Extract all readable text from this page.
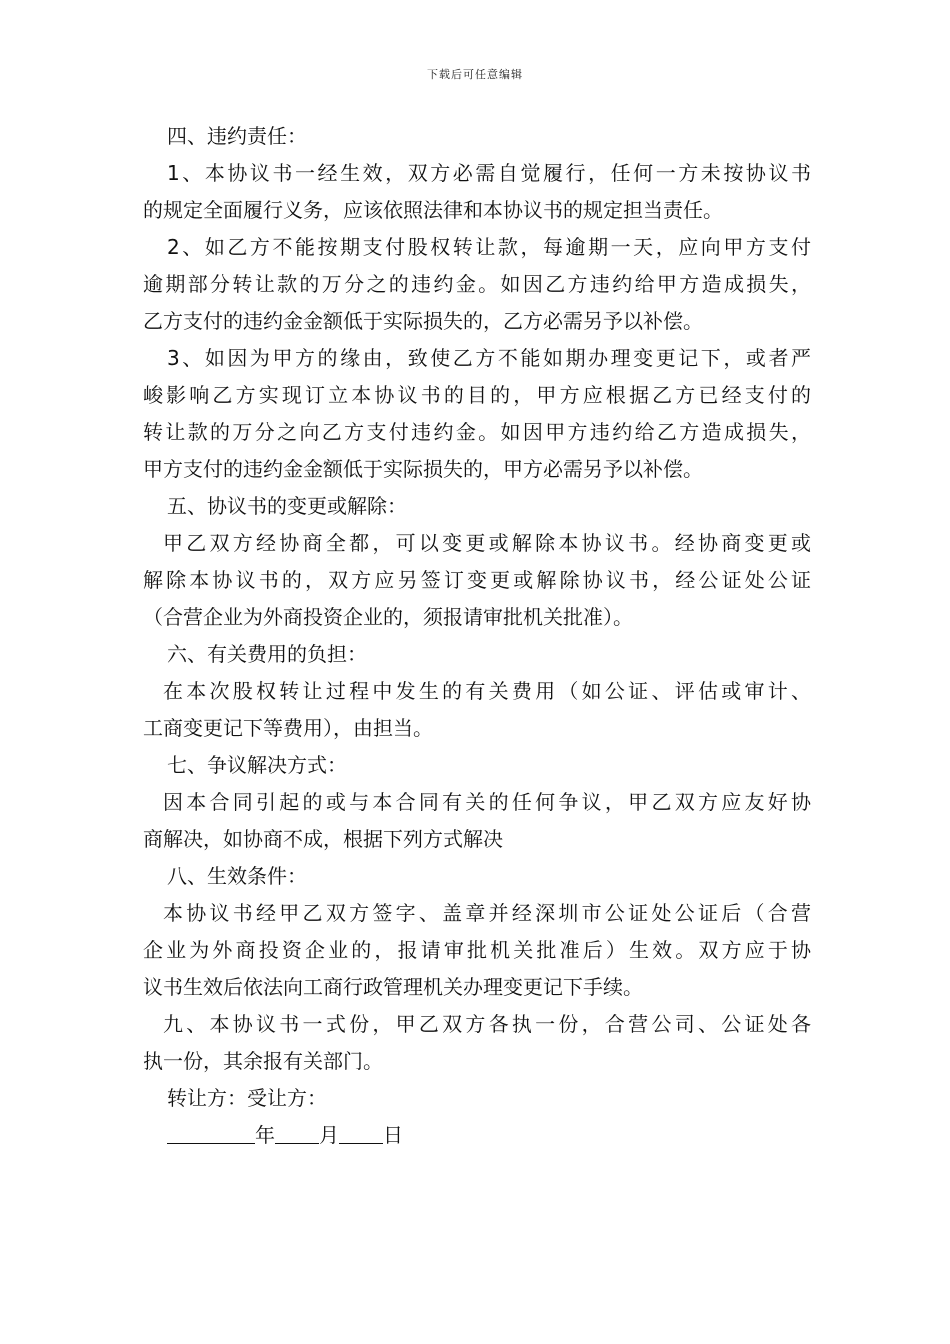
下载后可任意编辑
四、违约责任：
1、本协议书一经生效，双方必需自觉履行，任何一方未按协议书
的规定全面履行义务，应该依照法律和本协议书的规定担当责任。
2、如乙方不能按期支付股权转让款，每逾期一天，应向甲方支付
逾期部分转让款的万分之的违约金。如因乙方违约给甲方造成损失，
乙方支付的违约金金额低于实际损失的，乙方必需另予以补偿。
3、如因为甲方的缘由，致使乙方不能如期办理变更记下，或者严
峻影响乙方实现订立本协议书的目的，甲方应根据乙方已经支付的
转让款的万分之向乙方支付违约金。如因甲方违约给乙方造成损失，
甲方支付的违约金金额低于实际损失的，甲方必需另予以补偿。
五、协议书的变更或解除：
甲乙双方经协商全都，可以变更或解除本协议书。经协商变更或
解除本协议书的，双方应另签订变更或解除协议书，经公证处公证
（合营企业为外商投资企业的，须报请审批机关批准）。
六、有关费用的负担：
在本次股权转让过程中发生的有关费用（如公证、评估或审计、
工商变更记下等费用），由担当。
七、争议解决方式：
因本合同引起的或与本合同有关的任何争议，甲乙双方应友好协
商解决，如协商不成，根据下列方式解决
八、生效条件：
本协议书经甲乙双方签字、盖章并经深圳市公证处公证后（合营
企业为外商投资企业的，报请审批机关批准后）生效。双方应于协
议书生效后依法向工商行政管理机关办理变更记下手续。
九、本协议书一式份，甲乙双方各执一份，合营公司、公证处各
执一份，其余报有关部门。
转让方：受让方：
年 月 日
